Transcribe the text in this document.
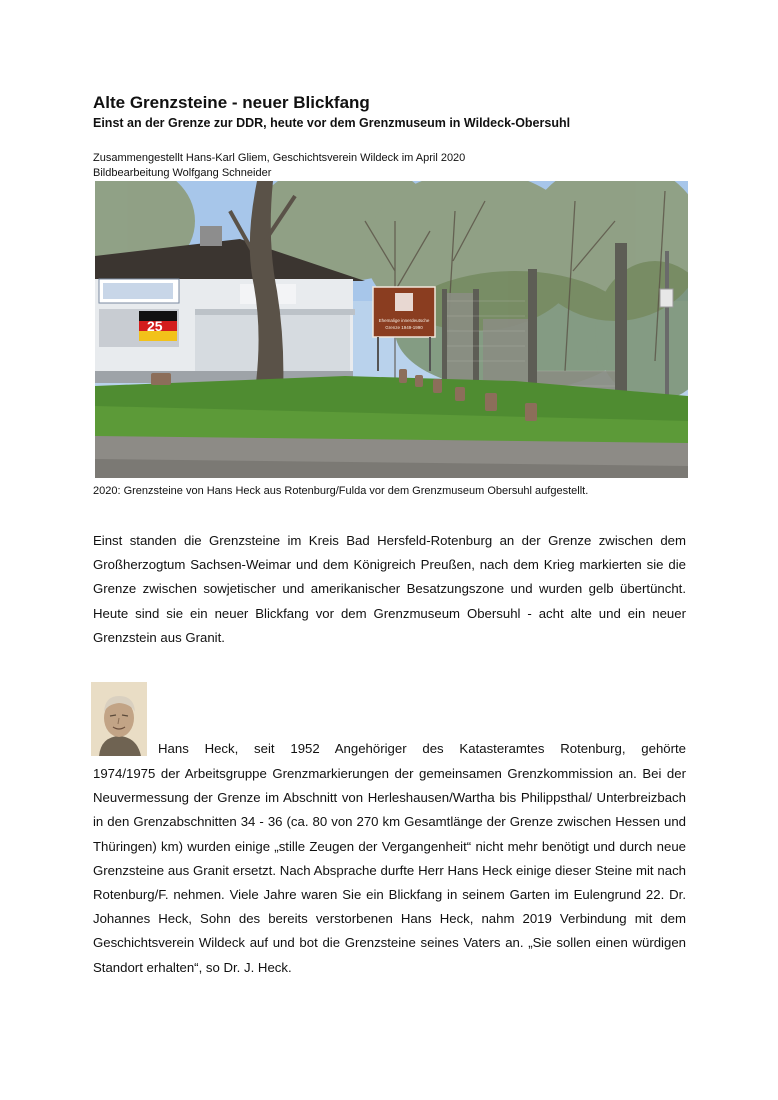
Alte Grenzsteine - neuer Blickfang
Einst an der Grenze zur DDR, heute vor dem Grenzmuseum in Wildeck-Obersuhl

Zusammengestellt Hans-Karl Gliem, Geschichtsverein Wildeck im April 2020

Bildbearbeitung Wolfgang Schneider

25	Ehemalige innerdeutsche
Grenze 1949-1990

2020: Grenzsteine von Hans Heck aus Rotenburg/Fulda vor dem Grenzmuseum Obersuhl aufgestellt.

Einst standen die Grenzsteine im Kreis Bad Hersfeld-Rotenburg an der Grenze zwischen dem Großherzogtum Sachsen-Weimar und dem Königreich Preußen, nach dem Krieg markierten sie die Grenze zwischen sowjetischer und amerikanischer Besatzungszone und wurden gelb übertüncht. Heute sind sie ein neuer Blickfang vor dem Grenzmuseum Obersuhl - acht alte und ein neuer Grenzstein aus Granit.

Hans Heck, seit 1952 Angehöriger des Katasteramtes Rotenburg, gehörte

1974/1975 der Arbeitsgruppe Grenzmarkierungen der gemeinsamen Grenzkommission an. Bei der Neuvermessung der Grenze im Abschnitt von Herleshausen/Wartha bis Philippsthal/ Unterbreizbach in den Grenzabschnitten 34 - 36 (ca. 80 von 270 km Gesamtlänge der Grenze zwischen Hessen und Thüringen) km) wurden einige „stille Zeugen der Vergangenheit“ nicht mehr benötigt und durch neue Grenzsteine aus Granit ersetzt. Nach Absprache durfte Herr Hans Heck einige dieser Steine mit nach Rotenburg/F. nehmen. Viele Jahre waren Sie ein Blickfang in seinem Garten im Eulengrund 22. Dr. Johannes Heck, Sohn des bereits verstorbenen Hans Heck, nahm 2019 Verbindung mit dem Geschichtsverein Wildeck auf und bot die Grenzsteine seines Vaters an. „Sie sollen einen würdigen Standort erhalten“, so Dr. J. Heck.
